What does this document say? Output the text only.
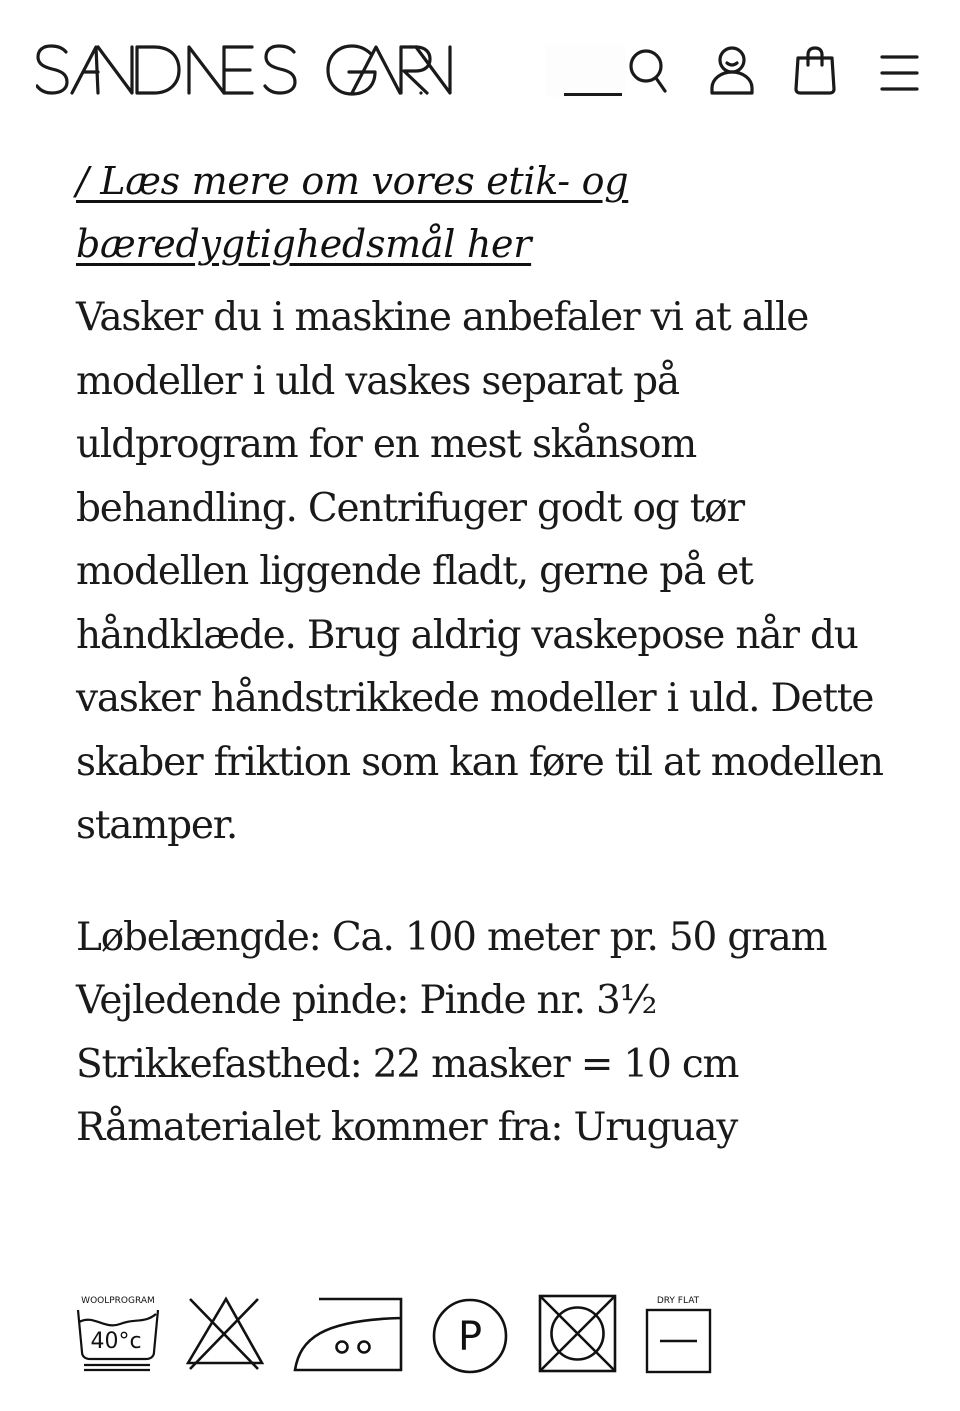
/ Læs mere om vores etik- og bæredygtighedsmål her

Vasker du i maskine anbefaler vi at alle modeller i uld vaskes separat på uldprogram for en mest skånsom behandling. Centrifuger godt og tør modellen liggende fladt, gerne på et håndklæde. Brug aldrig vaskepose når du vasker håndstrikkede modeller i uld. Dette skaber friktion som kan føre til at modellen stamper.

Løbelængde: Ca. 100 meter pr. 50 gram
Vejledende pinde: Pinde nr. 3½
Strikkefasthed: 22 masker = 10 cm
Råmaterialet kommer fra: Uruguay
WOOLPROGRAM
40°c	P
DRY FLAT
